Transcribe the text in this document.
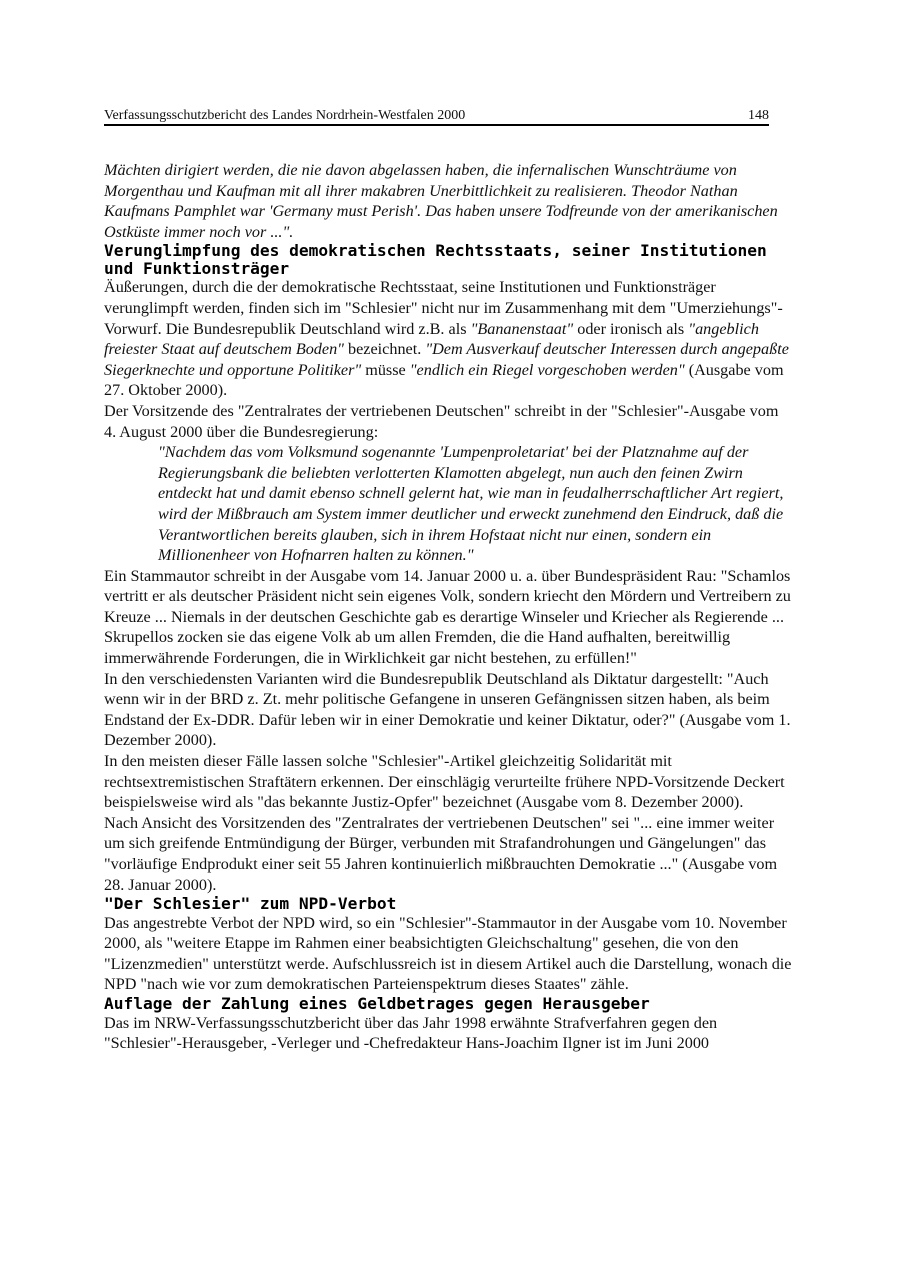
Verfassungsschutzbericht des Landes Nordrhein-Westfalen 2000	148

Mächten dirigiert werden, die nie davon abgelassen haben, die infernalischen Wunschträume von Morgenthau und Kaufman mit all ihrer makabren Unerbittlichkeit zu realisieren. Theodor Nathan Kaufmans Pamphlet war 'Germany must Perish'. Das haben unsere Todfreunde von der amerikanischen Ostküste immer noch vor ...".

Verunglimpfung des demokratischen Rechtsstaats, seiner Institutionen und Funktionsträger

Äußerungen, durch die der demokratische Rechtsstaat, seine Institutionen und Funktionsträger verunglimpft werden, finden sich im "Schlesier" nicht nur im Zusammenhang mit dem "Umerziehungs"-Vorwurf. Die Bundesrepublik Deutschland wird z.B. als "Bananenstaat" oder ironisch als "angeblich freiester Staat auf deutschem Boden" bezeichnet. "Dem Ausverkauf deutscher Interessen durch angepaßte Siegerknechte und opportune Politiker" müsse "endlich ein Riegel vorgeschoben werden" (Ausgabe vom 27. Oktober 2000).

Der Vorsitzende des "Zentralrates der vertriebenen Deutschen" schreibt in der "Schlesier"-Ausgabe vom 4. August 2000 über die Bundesregierung:

"Nachdem das vom Volksmund sogenannte 'Lumpenproletariat' bei der Platznahme auf der Regierungsbank die beliebten verlotterten Klamotten abgelegt, nun auch den feinen Zwirn entdeckt hat und damit ebenso schnell gelernt hat, wie man in feudalherrschaftlicher Art regiert, wird der Mißbrauch am System immer deutlicher und erweckt zunehmend den Eindruck, daß die Verantwortlichen bereits glauben, sich in ihrem Hofstaat nicht nur einen, sondern ein Millionenheer von Hofnarren halten zu können."

Ein Stammautor schreibt in der Ausgabe vom 14. Januar 2000 u. a. über Bundespräsident Rau: "Schamlos vertritt er als deutscher Präsident nicht sein eigenes Volk, sondern kriecht den Mördern und Vertreibern zu Kreuze ... Niemals in der deutschen Geschichte gab es derartige Winseler und Kriecher als Regierende ... Skrupellos zocken sie das eigene Volk ab um allen Fremden, die die Hand aufhalten, bereitwillig immerwährende Forderungen, die in Wirklichkeit gar nicht bestehen, zu erfüllen!"

In den verschiedensten Varianten wird die Bundesrepublik Deutschland als Diktatur dargestellt: "Auch wenn wir in der BRD z. Zt. mehr politische Gefangene in unseren Gefängnissen sitzen haben, als beim Endstand der Ex-DDR. Dafür leben wir in einer Demokratie und keiner Diktatur, oder?" (Ausgabe vom 1. Dezember 2000).

In den meisten dieser Fälle lassen solche "Schlesier"-Artikel gleichzeitig Solidarität mit rechtsextremistischen Straftätern erkennen. Der einschlägig verurteilte frühere NPD-Vorsitzende Deckert beispielsweise wird als "das bekannte Justiz-Opfer" bezeichnet (Ausgabe vom 8. Dezember 2000).

Nach Ansicht des Vorsitzenden des "Zentralrates der vertriebenen Deutschen" sei "... eine immer weiter um sich greifende Entmündigung der Bürger, verbunden mit Strafandrohungen und Gängelungen" das "vorläufige Endprodukt einer seit 55 Jahren kontinuierlich mißbrauchten Demokratie ..." (Ausgabe vom 28. Januar 2000).

"Der Schlesier" zum NPD-Verbot

Das angestrebte Verbot der NPD wird, so ein "Schlesier"-Stammautor in der Ausgabe vom 10. November 2000, als "weitere Etappe im Rahmen einer beabsichtigten Gleichschaltung" gesehen, die von den "Lizenzmedien" unterstützt werde. Aufschlussreich ist in diesem Artikel auch die Darstellung, wonach die NPD "nach wie vor zum demokratischen Parteienspektrum dieses Staates" zähle.

Auflage der Zahlung eines Geldbetrages gegen Herausgeber

Das im NRW-Verfassungsschutzbericht über das Jahr 1998 erwähnte Strafverfahren gegen den "Schlesier"-Herausgeber, -Verleger und -Chefredakteur Hans-Joachim Ilgner ist im Juni 2000
